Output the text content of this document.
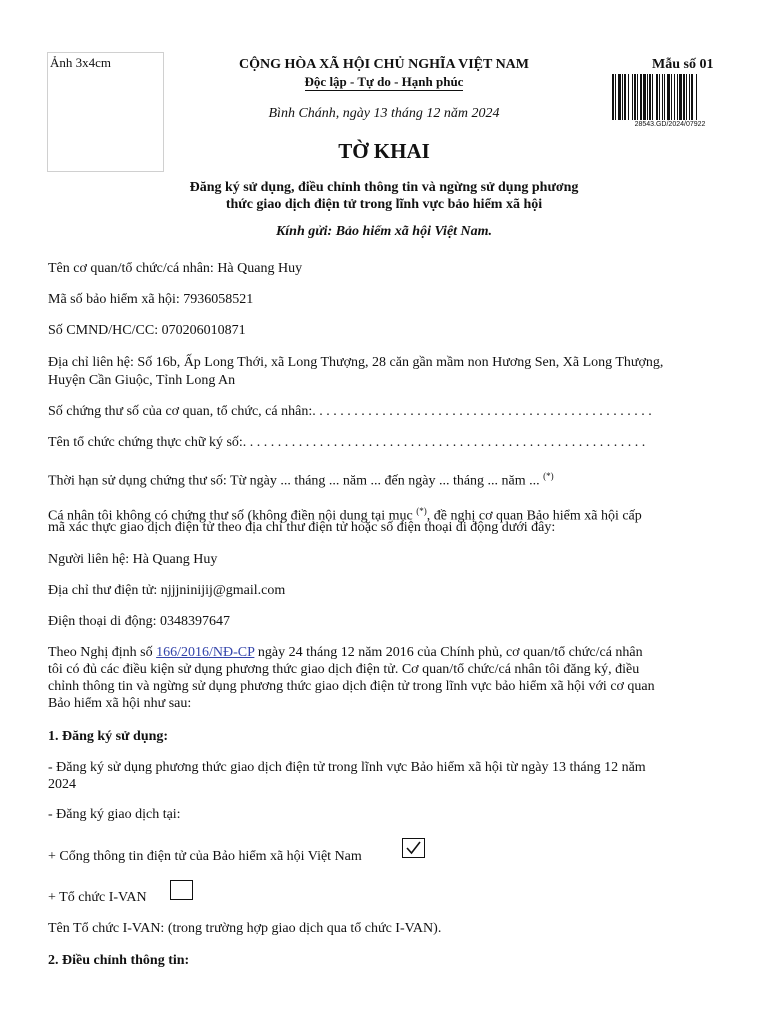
Ảnh 3x4cm	CỘNG HÒA XÃ HỘI CHỦ NGHĨA VIỆT NAM
Độc lập - Tự do - Hạnh phúc
Mẫu số 01
28543.GD/2024/07922
Bình Chánh, ngày 13 tháng 12 năm 2024
TỜ KHAI
Đăng ký sử dụng, điều chỉnh thông tin và ngừng sử dụng phương
thức giao dịch điện tử trong lĩnh vực bảo hiểm xã hội
Kính gửi: Bảo hiểm xã hội Việt Nam.
Tên cơ quan/tổ chức/cá nhân: Hà Quang Huy
Mã số bảo hiểm xã hội: 7936058521
Số CMND/HC/CC: 070206010871
Địa chỉ liên hệ: Số 16b, Ấp Long Thới, xã Long Thượng, 28 căn gần mầm non Hương Sen, Xã Long Thượng,
Huyện Cần Giuộc, Tỉnh Long An
Số chứng thư số của cơ quan, tổ chức, cá nhân:. . . . . . . . . . . . . . . . . . . . . . . . . . . . . . . . . . . . . . . . . . . . . . . . .
Tên tổ chức chứng thực chữ ký số:. . . . . . . . . . . . . . . . . . . . . . . . . . . . . . . . . . . . . . . . . . . . . . . . . . . . . . . . . .
Thời hạn sử dụng chứng thư số: Từ ngày ... tháng ... năm ... đến ngày ... tháng ... năm ... (*)
Cá nhân tôi không có chứng thư số (không điền nội dung tại mục (*), đề nghị cơ quan Bảo hiểm xã hội cấp
mã xác thực giao dịch điện tử theo địa chỉ thư điện tử hoặc số điện thoại di động dưới đây:
Người liên hệ: Hà Quang Huy
Địa chỉ thư điện tử: njjjninijij@gmail.com
Điện thoại di động: 0348397647
Theo Nghị định số 166/2016/NĐ-CP ngày 24 tháng 12 năm 2016 của Chính phủ, cơ quan/tổ chức/cá nhân
tôi có đủ các điều kiện sử dụng phương thức giao dịch điện tử. Cơ quan/tổ chức/cá nhân tôi đăng ký, điều
chỉnh thông tin và ngừng sử dụng phương thức giao dịch điện tử trong lĩnh vực bảo hiểm xã hội với cơ quan
Bảo hiểm xã hội như sau:
1. Đăng ký sử dụng:
- Đăng ký sử dụng phương thức giao dịch điện tử trong lĩnh vực Bảo hiểm xã hội từ ngày 13 tháng 12 năm
2024
- Đăng ký giao dịch tại:
+ Cổng thông tin điện tử của Bảo hiểm xã hội Việt Nam
+ Tổ chức I-VAN
Tên Tổ chức I-VAN: (trong trường hợp giao dịch qua tổ chức I-VAN).
2. Điều chỉnh thông tin:
